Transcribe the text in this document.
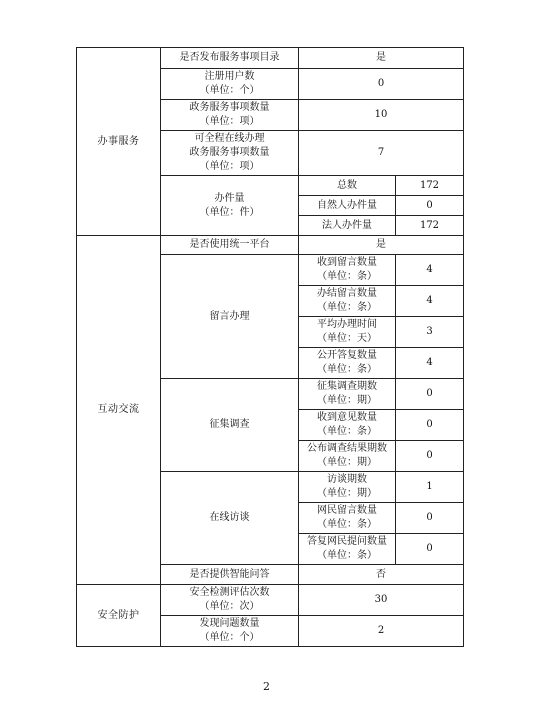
办事服务	是否发布服务事项目录	是	

	注册用户数
（单位：个）	0	

	政务服务事项数量
（单位：项）	10	

	可全程在线办理
政务服务事项数量
（单位：项）	7	

	办件量
（单位：件）	总数	172
		自然人办件量	0
		法人办件量	172
互动交流	是否使用统一平台	是	
	留言办理	收到留言数量
（单位：条）	4

		办结留言数量
（单位：条）	4

		平均办理时间
（单位：天）	3

		公开答复数量
（单位：条）	4
	征集调查	征集调查期数
（单位：期）	0

		收到意见数量
（单位：条）	0

		公布调查结果期数
（单位：期）	0
	在线访谈	访谈期数
（单位：期）	1

		网民留言数量
（单位：条）	0

		答复网民提问数量
（单位：条）	0
	是否提供智能问答	否	
安全防护	安全检测评估次数
（单位：次）	30	

	发现问题数量
（单位：个）	2	
2
